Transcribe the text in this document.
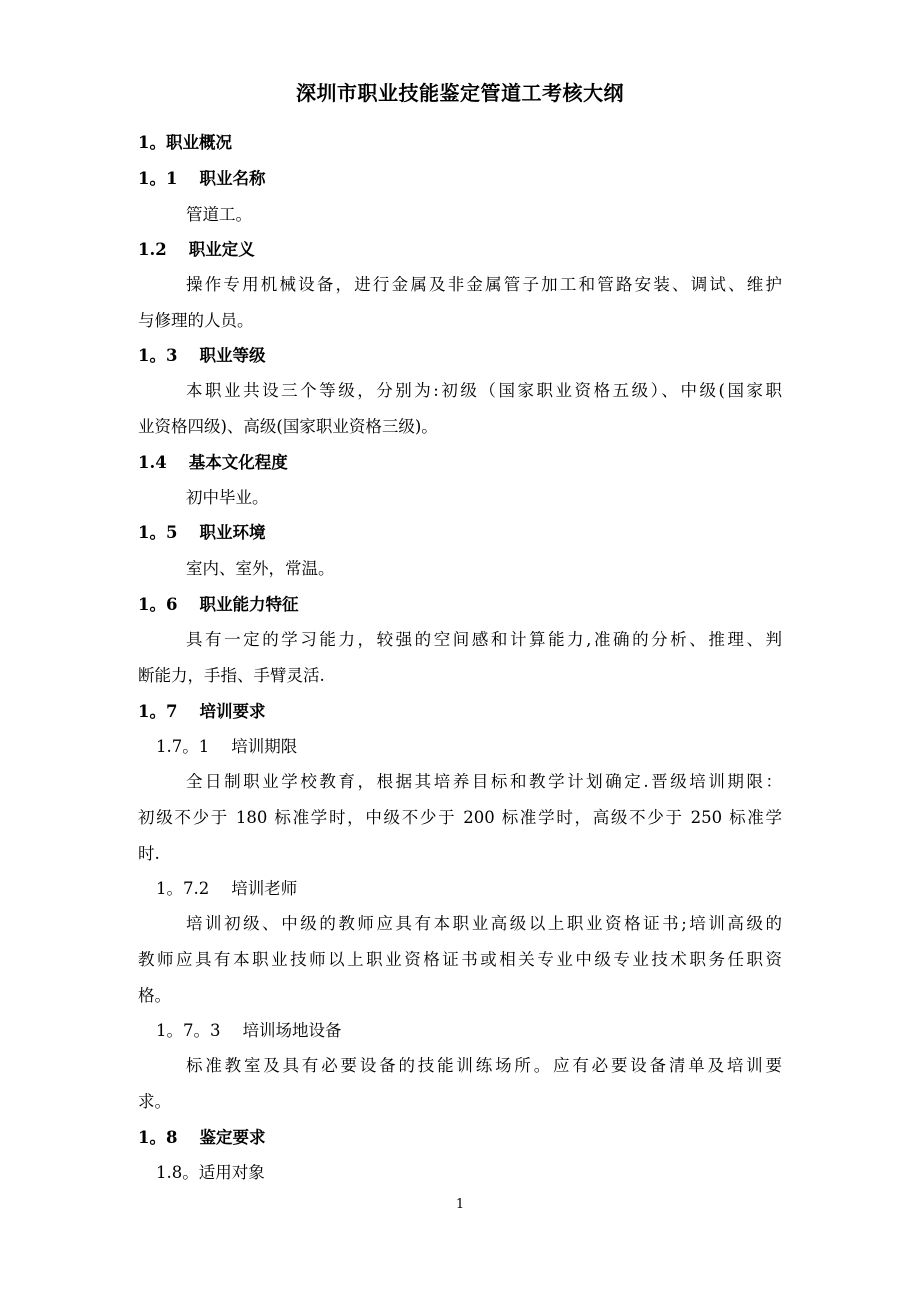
深圳市职业技能鉴定管道工考核大纲
1。职业概况
1。1 职业名称
管道工。
1.2 职业定义
操作专用机械设备，进行金属及非金属管子加工和管路安装、调试、维护
与修理的人员。
1。3 职业等级
本职业共设三个等级，分别为:初级（国家职业资格五级）、中级(国家职
业资格四级)、高级(国家职业资格三级)。
1.4 基本文化程度
初中毕业。
1。5 职业环境
室内、室外，常温。
1。6 职业能力特征
具有一定的学习能力，较强的空间感和计算能力,准确的分析、推理、判
断能力，手指、手臂灵活.
1。7 培训要求
1.7。1 培训期限
全日制职业学校教育，根据其培养目标和教学计划确定.晋级培训期限：
初级不少于 180 标准学时，中级不少于 200 标准学时，高级不少于 250 标准学
时.
1。7.2 培训老师
培训初级、中级的教师应具有本职业高级以上职业资格证书;培训高级的
教师应具有本职业技师以上职业资格证书或相关专业中级专业技术职务任职资
格。
1。7。3 培训场地设备
标准教室及具有必要设备的技能训练场所。应有必要设备清单及培训要
求。
1。8 鉴定要求
1.8。适用对象
1
